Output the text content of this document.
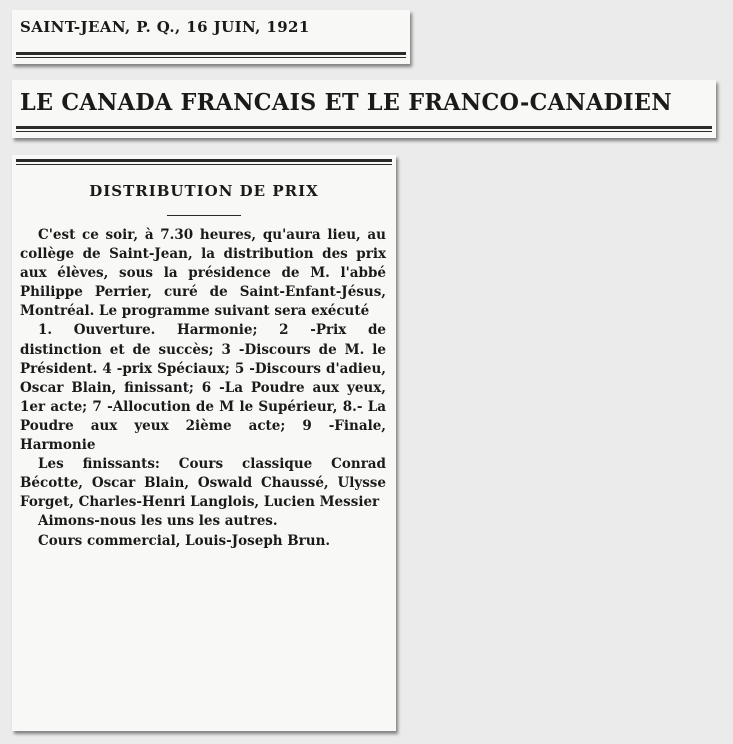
SAINT-JEAN, P. Q., 16 JUIN, 1921

LE CANADA FRANCAIS ET LE FRANCO-CANADIEN

DISTRIBUTION DE PRIX

C'est ce soir, à 7.30 heures, qu'aura lieu, au collège de Saint-Jean, la distribution des prix aux élèves, sous la présidence de M. l'abbé Philippe Perrier, curé de Saint-Enfant-Jésus, Montréal. Le programme suivant sera exécuté

1. Ouverture. Harmonie; 2 -Prix de distinction et de succès; 3 -Discours de M. le Président. 4 -prix Spéciaux; 5 -Discours d'adieu, Oscar Blain, finissant; 6 -La Poudre aux yeux, 1er acte; 7 -Allocution de M le Supérieur, 8.- La Poudre aux yeux 2ième acte; 9 -Finale, Harmonie

Les finissants: Cours classique Conrad Bécotte, Oscar Blain, Oswald Chaussé, Ulysse Forget, Charles-Henri Langlois, Lucien Messier

Aimons-nous les uns les autres.

Cours commercial, Louis-Joseph Brun.
